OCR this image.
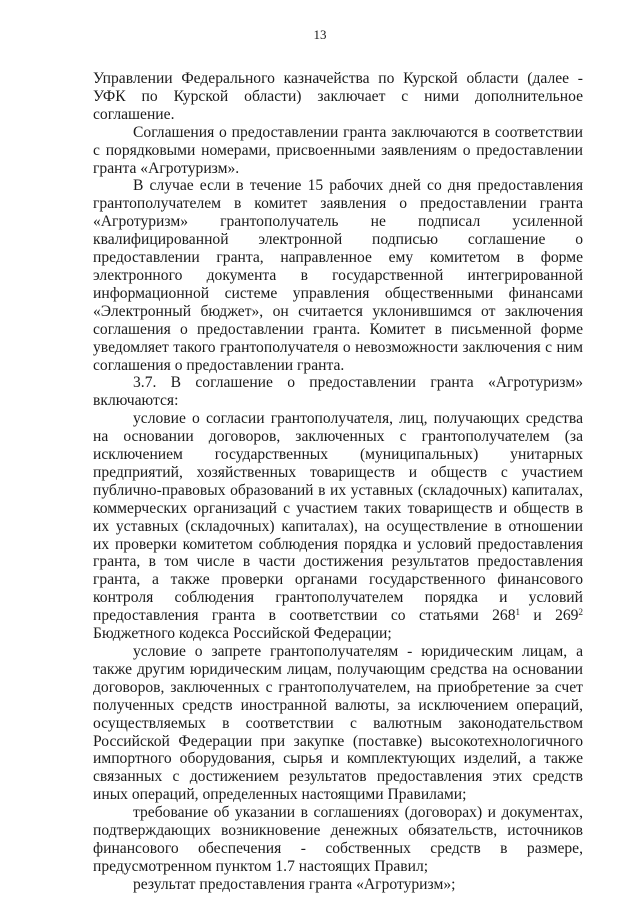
13

Управлении Федерального казначейства по Курской области (далее - УФК по Курской области) заключает с ними дополнительное соглашение.

Соглашения о предоставлении гранта заключаются в соответствии с порядковыми номерами, присвоенными заявлениям о предоставлении гранта «Агротуризм».

В случае если в течение 15 рабочих дней со дня предоставления грантополучателем в комитет заявления о предоставлении гранта «Агротуризм» грантополучатель не подписал усиленной квалифицированной электронной подписью соглашение о предоставлении гранта, направленное ему комитетом в форме электронного документа в государственной интегрированной информационной системе управления общественными финансами «Электронный бюджет», он считается уклонившимся от заключения соглашения о предоставлении гранта. Комитет в письменной форме уведомляет такого грантополучателя о невозможности заключения с ним соглашения о предоставлении гранта.

3.7. В соглашение о предоставлении гранта «Агротуризм» включаются:

условие о согласии грантополучателя, лиц, получающих средства на основании договоров, заключенных с грантополучателем (за исключением государственных (муниципальных) унитарных предприятий, хозяйственных товариществ и обществ с участием публично-правовых образований в их уставных (складочных) капиталах, коммерческих организаций с участием таких товариществ и обществ в их уставных (складочных) капиталах), на осуществление в отношении их проверки комитетом соблюдения порядка и условий предоставления гранта, в том числе в части достижения результатов предоставления гранта, а также проверки органами государственного финансового контроля соблюдения грантополучателем порядка и условий предоставления гранта в соответствии со статьями $268^1$ и $269^2$ Бюджетного кодекса Российской Федерации;

условие о запрете грантополучателям - юридическим лицам, а также другим юридическим лицам, получающим средства на основании договоров, заключенных с грантополучателем, на приобретение за счет полученных средств иностранной валюты, за исключением операций, осуществляемых в соответствии с валютным законодательством Российской Федерации при закупке (поставке) высокотехнологичного импортного оборудования, сырья и комплектующих изделий, а также связанных с достижением результатов предоставления этих средств иных операций, определенных настоящими Правилами;

требование об указании в соглашениях (договорах) и документах, подтверждающих возникновение денежных обязательств, источников финансового обеспечения - собственных средств в размере, предусмотренном пунктом 1.7 настоящих Правил;

результат предоставления гранта «Агротуризм»;
